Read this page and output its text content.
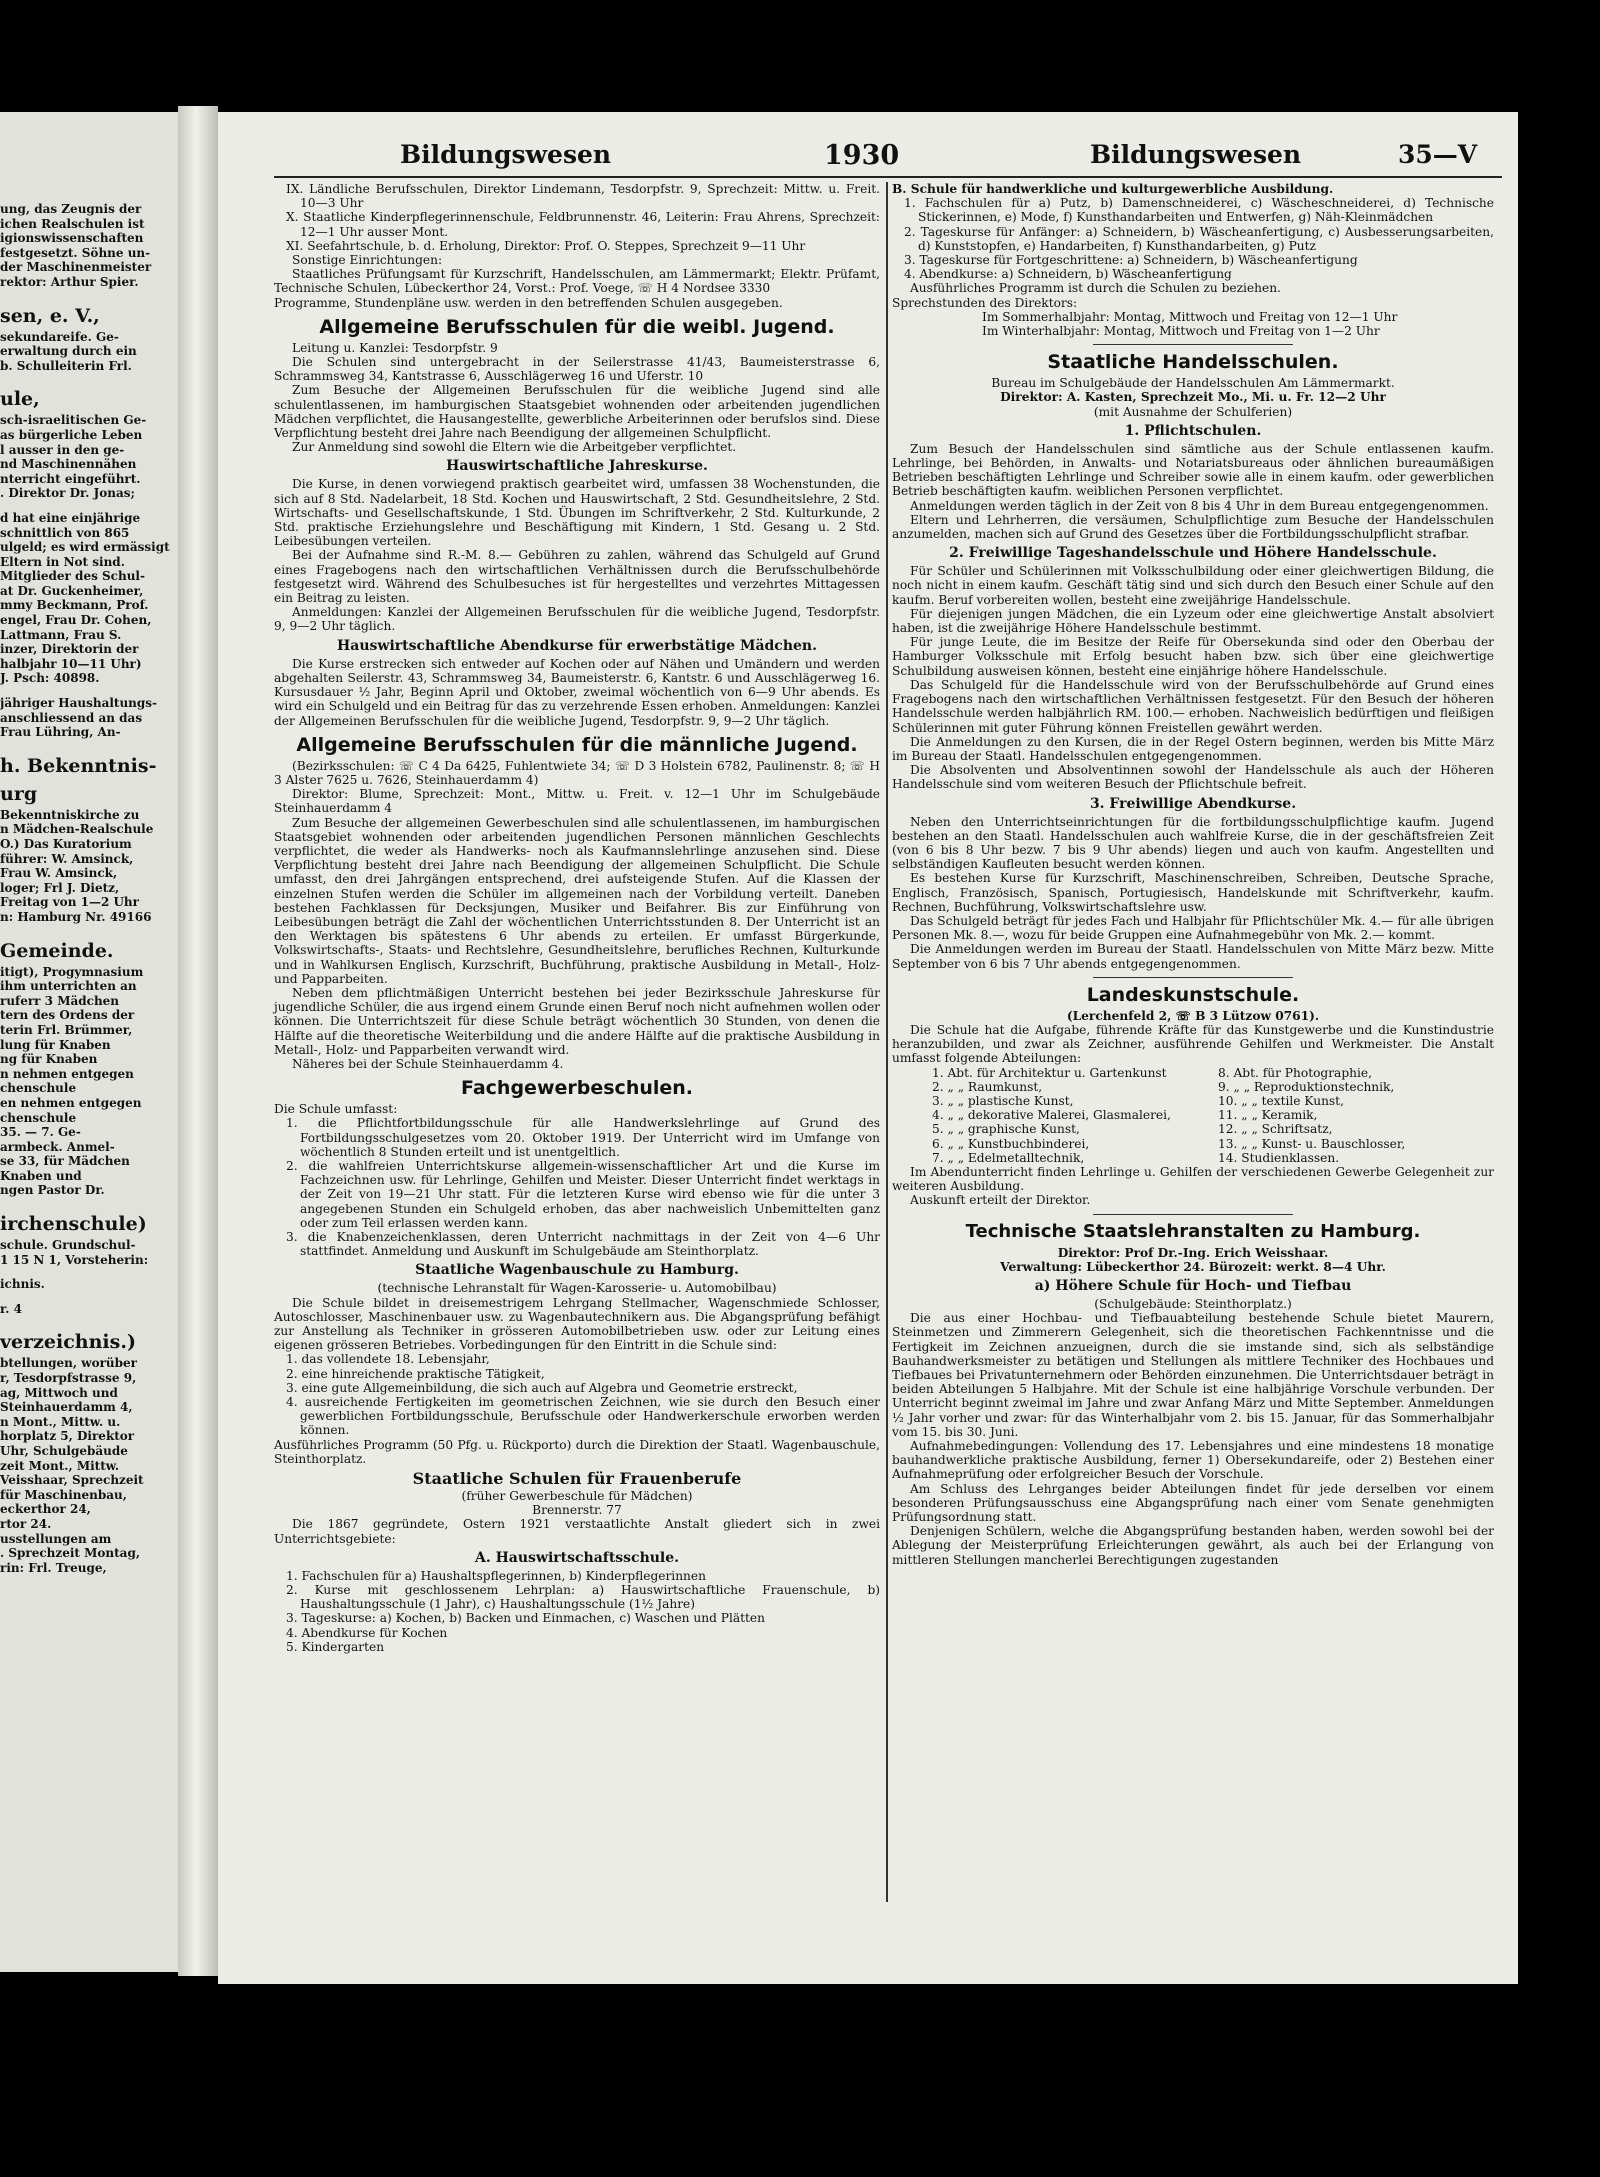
ung, das Zeugnis der
ichen Realschulen ist
igionswissenschaften
festgesetzt. Söhne un-
der Maschinenmeister
rektor: Arthur Spier.
sen, e. V.,
sekundareife. Ge-
erwaltung durch ein
b. Schulleiterin Frl.
ule,
sch-israelitischen Ge-
as bürgerliche Leben
l ausser in den ge-
nd Maschinennähen
nterricht eingeführt.
. Direktor Dr. Jonas;
d hat eine einjährige
schnittlich von 865
ulgeld; es wird ermässigt
Eltern in Not sind.
Mitglieder des Schul-
at Dr. Guckenheimer,
mmy Beckmann, Prof.
engel, Frau Dr. Cohen,
Lattmann, Frau S.
inzer, Direktorin der
halbjahr 10—11 Uhr)
J. Psch: 40898.
jähriger Haushaltungs-
anschliessend an das
Frau Lühring, An-
h. Bekenntnis-
urg
Bekenntniskirche zu
n Mädchen-Realschule
O.) Das Kuratorium
führer: W. Amsinck,
Frau W. Amsinck,
loger; Frl J. Dietz,
Freitag von 1—2 Uhr
n: Hamburg Nr. 49166
Gemeinde.
itigt), Progymnasium
ihm unterrichten an
ruferr 3 Mädchen
tern des Ordens der
terin Frl. Brümmer,
lung für Knaben
ng für Knaben
n nehmen entgegen
chenschule
en nehmen entgegen
chenschule
35. — 7. Ge-
armbeck. Anmel-
se 33, für Mädchen
Knaben und
ngen Pastor Dr.
irchenschule)
schule. Grundschul-
1 15 N 1, Vorsteherin:
ichnis.
r. 4
verzeichnis.)
btellungen, worüber
r, Tesdorpfstrasse 9,
ag, Mittwoch und
Steinhauerdamm 4,
n Mont., Mittw. u.
horplatz 5, Direktor
Uhr, Schulgebäude
zeit Mont., Mittw.
Veisshaar, Sprechzeit
für Maschinenbau,
eckerthor 24,
rtor 24.
usstellungen am
. Sprechzeit Montag,
rin: Frl. Treuge,
Bildungswesen	1930	Bildungswesen	35—V
IX. Ländliche Berufsschulen, Direktor Lindemann, Tesdorpfstr. 9, Sprechzeit: Mittw. u. Freit. 10—3 Uhr
X. Staatliche Kinderpflegerinnenschule, Feldbrunnenstr. 46, Leiterin: Frau Ahrens, Sprechzeit: 12—1 Uhr ausser Mont.
XI. Seefahrtschule, b. d. Erholung, Direktor: Prof. O. Steppes, Sprechzeit 9—11 Uhr

Sonstige Einrichtungen:

Staatliches Prüfungsamt für Kurzschrift, Handelsschulen, am Lämmermarkt; Elektr. Prüfamt, Technische Schulen, Lübeckerthor 24, Vorst.: Prof. Voege, ☏ H 4 Nordsee 3330

Programme, Stundenpläne usw. werden in den betreffenden Schulen ausgegeben.

Allgemeine Berufsschulen für die weibl. Jugend.

Leitung u. Kanzlei: Tesdorpfstr. 9

Die Schulen sind untergebracht in der Seilerstrasse 41/43, Baumeisterstrasse 6, Schrammsweg 34, Kantstrasse 6, Ausschlägerweg 16 und Uferstr. 10

Zum Besuche der Allgemeinen Berufsschulen für die weibliche Jugend sind alle schulentlassenen, im hamburgischen Staatsgebiet wohnenden oder arbeitenden jugendlichen Mädchen verpflichtet, die Hausangestellte, gewerbliche Arbeiterinnen oder berufslos sind. Diese Verpflichtung besteht drei Jahre nach Beendigung der allgemeinen Schulpflicht.

Zur Anmeldung sind sowohl die Eltern wie die Arbeitgeber verpflichtet.

Hauswirtschaftliche Jahreskurse.

Die Kurse, in denen vorwiegend praktisch gearbeitet wird, umfassen 38 Wochenstunden, die sich auf 8 Std. Nadelarbeit, 18 Std. Kochen und Hauswirtschaft, 2 Std. Gesundheitslehre, 2 Std. Wirtschafts- und Gesellschaftskunde, 1 Std. Übungen im Schriftverkehr, 2 Std. Kulturkunde, 2 Std. praktische Erziehungslehre und Beschäftigung mit Kindern, 1 Std. Gesang u. 2 Std. Leibesübungen verteilen.

Bei der Aufnahme sind R.-M. 8.— Gebühren zu zahlen, während das Schulgeld auf Grund eines Fragebogens nach den wirtschaftlichen Verhältnissen durch die Berufsschulbehörde festgesetzt wird. Während des Schulbesuches ist für hergestelltes und verzehrtes Mittagessen ein Beitrag zu leisten.

Anmeldungen: Kanzlei der Allgemeinen Berufsschulen für die weibliche Jugend, Tesdorpfstr. 9, 9—2 Uhr täglich.

Hauswirtschaftliche Abendkurse für erwerbstätige Mädchen.

Die Kurse erstrecken sich entweder auf Kochen oder auf Nähen und Umändern und werden abgehalten Seilerstr. 43, Schrammsweg 34, Baumeisterstr. 6, Kantstr. 6 und Ausschlägerweg 16. Kursusdauer ½ Jahr, Beginn April und Oktober, zweimal wöchentlich von 6—9 Uhr abends. Es wird ein Schulgeld und ein Beitrag für das zu verzehrende Essen erhoben. Anmeldungen: Kanzlei der Allgemeinen Berufsschulen für die weibliche Jugend, Tesdorpfstr. 9, 9—2 Uhr täglich.

Allgemeine Berufsschulen für die männliche Jugend.

(Bezirksschulen: ☏ C 4 Da 6425, Fuhlentwiete 34; ☏ D 3 Holstein 6782, Paulinenstr. 8; ☏ H 3 Alster 7625 u. 7626, Steinhauerdamm 4)

Direktor: Blume, Sprechzeit: Mont., Mittw. u. Freit. v. 12—1 Uhr im Schulgebäude Steinhauerdamm 4

Zum Besuche der allgemeinen Gewerbeschulen sind alle schulentlassenen, im hamburgischen Staatsgebiet wohnenden oder arbeitenden jugendlichen Personen männlichen Geschlechts verpflichtet, die weder als Handwerks- noch als Kaufmannslehrlinge anzusehen sind. Diese Verpflichtung besteht drei Jahre nach Beendigung der allgemeinen Schulpflicht. Die Schule umfasst, den drei Jahrgängen entsprechend, drei aufsteigende Stufen. Auf die Klassen der einzelnen Stufen werden die Schüler im allgemeinen nach der Vorbildung verteilt. Daneben bestehen Fachklassen für Decksjungen, Musiker und Beifahrer. Bis zur Einführung von Leibesübungen beträgt die Zahl der wöchentlichen Unterrichtsstunden 8. Der Unterricht ist an den Werktagen bis spätestens 6 Uhr abends zu erteilen. Er umfasst Bürgerkunde, Volkswirtschafts-, Staats- und Rechtslehre, Gesundheitslehre, berufliches Rechnen, Kulturkunde und in Wahlkursen Englisch, Kurzschrift, Buchführung, praktische Ausbildung in Metall-, Holz- und Papparbeiten.

Neben dem pflichtmäßigen Unterricht bestehen bei jeder Bezirksschule Jahreskurse für jugendliche Schüler, die aus irgend einem Grunde einen Beruf noch nicht aufnehmen wollen oder können. Die Unterrichtszeit für diese Schule beträgt wöchentlich 30 Stunden, von denen die Hälfte auf die theoretische Weiterbildung und die andere Hälfte auf die praktische Ausbildung in Metall-, Holz- und Papparbeiten verwandt wird.

Näheres bei der Schule Steinhauerdamm 4.

Fachgewerbeschulen.

Die Schule umfasst:

1. die Pflichtfortbildungsschule für alle Handwerkslehrlinge auf Grund des Fortbildungsschulgesetzes vom 20. Oktober 1919. Der Unterricht wird im Umfange von wöchentlich 8 Stunden erteilt und ist unentgeltlich.
2. die wahlfreien Unterrichtskurse allgemein-wissenschaftlicher Art und die Kurse im Fachzeichnen usw. für Lehrlinge, Gehilfen und Meister. Dieser Unterricht findet werktags in der Zeit von 19—21 Uhr statt. Für die letzteren Kurse wird ebenso wie für die unter 3 angegebenen Stunden ein Schulgeld erhoben, das aber nachweislich Unbemittelten ganz oder zum Teil erlassen werden kann.
3. die Knabenzeichenklassen, deren Unterricht nachmittags in der Zeit von 4—6 Uhr stattfindet. Anmeldung und Auskunft im Schulgebäude am Steinthorplatz.
Staatliche Wagenbauschule zu Hamburg.

(technische Lehranstalt für Wagen-Karosserie- u. Automobilbau)

Die Schule bildet in dreisemestrigem Lehrgang Stellmacher, Wagenschmiede Schlosser, Autoschlosser, Maschinenbauer usw. zu Wagenbautechnikern aus. Die Abgangsprüfung befähigt zur Anstellung als Techniker in grösseren Automobilbetrieben usw. oder zur Leitung eines eigenen grösseren Betriebes. Vorbedingungen für den Eintritt in die Schule sind:

1. das vollendete 18. Lebensjahr,
2. eine hinreichende praktische Tätigkeit,
3. eine gute Allgemeinbildung, die sich auch auf Algebra und Geometrie erstreckt,
4. ausreichende Fertigkeiten im geometrischen Zeichnen, wie sie durch den Besuch einer gewerblichen Fortbildungsschule, Berufsschule oder Handwerkerschule erworben werden können.

Ausführliches Programm (50 Pfg. u. Rückporto) durch die Direktion der Staatl. Wagenbauschule, Steinthorplatz.

Staatliche Schulen für Frauenberufe

(früher Gewerbeschule für Mädchen)

Brennerstr. 77

Die 1867 gegründete, Ostern 1921 verstaatlichte Anstalt gliedert sich in zwei Unterrichtsgebiete:

A. Hauswirtschaftsschule.
1. Fachschulen für a) Haushaltspflegerinnen, b) Kinderpflegerinnen
2. Kurse mit geschlossenem Lehrplan: a) Hauswirtschaftliche Frauenschule, b) Haushaltungsschule (1 Jahr), c) Haushaltungsschule (1½ Jahre)
3. Tageskurse: a) Kochen, b) Backen und Einmachen, c) Waschen und Plätten
4. Abendkurse für Kochen
5. Kindergarten

B. Schule für handwerkliche und kulturgewerbliche Ausbildung.

1. Fachschulen für a) Putz, b) Damenschneiderei, c) Wäscheschneiderei, d) Technische Stickerinnen, e) Mode, f) Kunsthandarbeiten und Entwerfen, g) Näh-Kleinmädchen
2. Tageskurse für Anfänger: a) Schneidern, b) Wäscheanfertigung, c) Ausbesserungsarbeiten, d) Kunststopfen, e) Handarbeiten, f) Kunsthandarbeiten, g) Putz
3. Tageskurse für Fortgeschrittene: a) Schneidern, b) Wäscheanfertigung
4. Abendkurse: a) Schneidern, b) Wäscheanfertigung

Ausführliches Programm ist durch die Schulen zu beziehen.

Sprechstunden des Direktors:

Im Sommerhalbjahr: Montag, Mittwoch und Freitag von 12—1 Uhr

Im Winterhalbjahr: Montag, Mittwoch und Freitag von 1—2 Uhr

Staatliche Handelsschulen.

Bureau im Schulgebäude der Handelsschulen Am Lämmermarkt.

Direktor: A. Kasten, Sprechzeit Mo., Mi. u. Fr. 12—2 Uhr

(mit Ausnahme der Schulferien)

1. Pflichtschulen.

Zum Besuch der Handelsschulen sind sämtliche aus der Schule entlassenen kaufm. Lehrlinge, bei Behörden, in Anwalts- und Notariatsbureaus oder ähnlichen bureaumäßigen Betrieben beschäftigten Lehrlinge und Schreiber sowie alle in einem kaufm. oder gewerblichen Betrieb beschäftigten kaufm. weiblichen Personen verpflichtet.

Anmeldungen werden täglich in der Zeit von 8 bis 4 Uhr in dem Bureau entgegengenommen.

Eltern und Lehrherren, die versäumen, Schulpflichtige zum Besuche der Handelsschulen anzumelden, machen sich auf Grund des Gesetzes über die Fortbildungsschulpflicht strafbar.

2. Freiwillige Tageshandelsschule und Höhere Handelsschule.

Für Schüler und Schülerinnen mit Volksschulbildung oder einer gleichwertigen Bildung, die noch nicht in einem kaufm. Geschäft tätig sind und sich durch den Besuch einer Schule auf den kaufm. Beruf vorbereiten wollen, besteht eine zweijährige Handelsschule.

Für diejenigen jungen Mädchen, die ein Lyzeum oder eine gleichwertige Anstalt absolviert haben, ist die zweijährige Höhere Handelsschule bestimmt.

Für junge Leute, die im Besitze der Reife für Obersekunda sind oder den Oberbau der Hamburger Volksschule mit Erfolg besucht haben bzw. sich über eine gleichwertige Schulbildung ausweisen können, besteht eine einjährige höhere Handelsschule.

Das Schulgeld für die Handelsschule wird von der Berufsschulbehörde auf Grund eines Fragebogens nach den wirtschaftlichen Verhältnissen festgesetzt. Für den Besuch der höheren Handelsschule werden halbjährlich RM. 100.— erhoben. Nachweislich bedürftigen und fleißigen Schülerinnen mit guter Führung können Freistellen gewährt werden.

Die Anmeldungen zu den Kursen, die in der Regel Ostern beginnen, werden bis Mitte März im Bureau der Staatl. Handelsschulen entgegengenommen.

Die Absolventen und Absolventinnen sowohl der Handelsschule als auch der Höheren Handelsschule sind vom weiteren Besuch der Pflichtschule befreit.

3. Freiwillige Abendkurse.

Neben den Unterrichtseinrichtungen für die fortbildungsschulpflichtige kaufm. Jugend bestehen an den Staatl. Handelsschulen auch wahlfreie Kurse, die in der geschäftsfreien Zeit (von 6 bis 8 Uhr bezw. 7 bis 9 Uhr abends) liegen und auch von kaufm. Angestellten und selbständigen Kaufleuten besucht werden können.

Es bestehen Kurse für Kurzschrift, Maschinenschreiben, Schreiben, Deutsche Sprache, Englisch, Französisch, Spanisch, Portugiesisch, Handelskunde mit Schriftverkehr, kaufm. Rechnen, Buchführung, Volkswirtschaftslehre usw.

Das Schulgeld beträgt für jedes Fach und Halbjahr für Pflichtschüler Mk. 4.— für alle übrigen Personen Mk. 8.—, wozu für beide Gruppen eine Aufnahmegebühr von Mk. 2.— kommt.

Die Anmeldungen werden im Bureau der Staatl. Handelsschulen von Mitte März bezw. Mitte September von 6 bis 7 Uhr abends entgegengenommen.

Landeskunstschule.

(Lerchenfeld 2, ☏ B 3 Lützow 0761).

Die Schule hat die Aufgabe, führende Kräfte für das Kunstgewerbe und die Kunstindustrie heranzubilden, und zwar als Zeichner, ausführende Gehilfen und Werkmeister. Die Anstalt umfasst folgende Abteilungen:

1. Abt. für Architektur u. Gartenkunst
2. „ „ Raumkunst,
3. „ „ plastische Kunst,
4. „ „ dekorative Malerei, Glasmalerei,
5. „ „ graphische Kunst,
6. „ „ Kunstbuchbinderei,
7. „ „ Edelmetalltechnik,
8. Abt. für Photographie,
9. „ „ Reproduktionstechnik,
10. „ „ textile Kunst,
11. „ „ Keramik,
12. „ „ Schriftsatz,
13. „ „ Kunst- u. Bauschlosser,
14. Studienklassen.

Im Abendunterricht finden Lehrlinge u. Gehilfen der verschiedenen Gewerbe Gelegenheit zur weiteren Ausbildung.

Auskunft erteilt der Direktor.

Technische Staatslehranstalten zu Hamburg.

Direktor: Prof Dr.-Ing. Erich Weisshaar.

Verwaltung: Lübeckerthor 24. Bürozeit: werkt. 8—4 Uhr.

a) Höhere Schule für Hoch- und Tiefbau

(Schulgebäude: Steinthorplatz.)

Die aus einer Hochbau- und Tiefbauabteilung bestehende Schule bietet Maurern, Steinmetzen und Zimmerern Gelegenheit, sich die theoretischen Fachkenntnisse und die Fertigkeit im Zeichnen anzueignen, durch die sie imstande sind, sich als selbständige Bauhandwerksmeister zu betätigen und Stellungen als mittlere Techniker des Hochbaues und Tiefbaues bei Privatunternehmern oder Behörden einzunehmen. Die Unterrichtsdauer beträgt in beiden Abteilungen 5 Halbjahre. Mit der Schule ist eine halbjährige Vorschule verbunden. Der Unterricht beginnt zweimal im Jahre und zwar Anfang März und Mitte September. Anmeldungen ½ Jahr vorher und zwar: für das Winterhalbjahr vom 2. bis 15. Januar, für das Sommerhalbjahr vom 15. bis 30. Juni.

Aufnahmebedingungen: Vollendung des 17. Lebensjahres und eine mindestens 18 monatige bauhandwerkliche praktische Ausbildung, ferner 1) Obersekundareife, oder 2) Bestehen einer Aufnahmeprüfung oder erfolgreicher Besuch der Vorschule.

Am Schluss des Lehrganges beider Abteilungen findet für jede derselben vor einem besonderen Prüfungsausschuss eine Abgangsprüfung nach einer vom Senate genehmigten Prüfungsordnung statt.

Denjenigen Schülern, welche die Abgangsprüfung bestanden haben, werden sowohl bei der Ablegung der Meisterprüfung Erleichterungen gewährt, als auch bei der Erlangung von mittleren Stellungen mancherlei Berechtigungen zugestanden
